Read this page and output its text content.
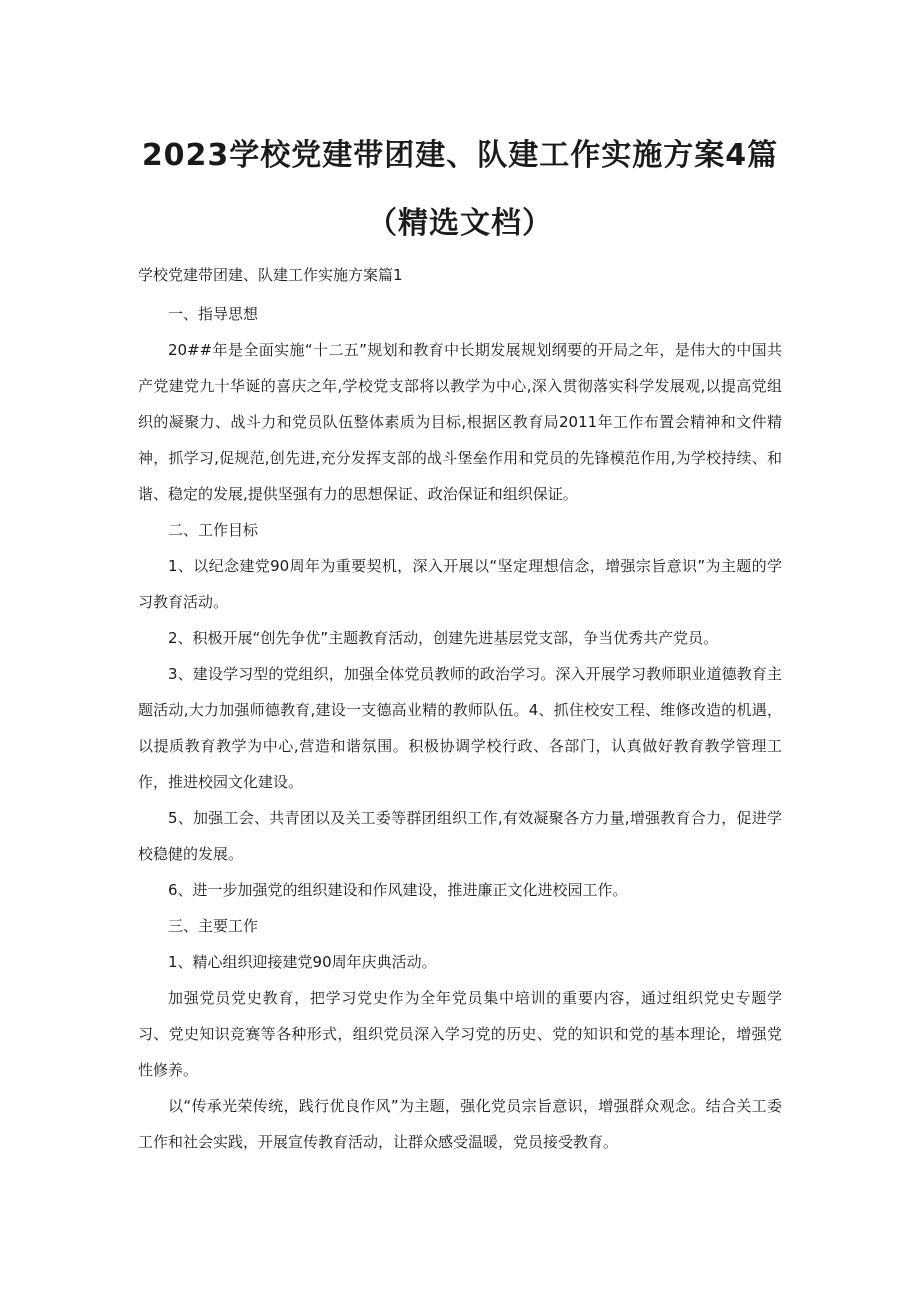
2023学校党建带团建、队建工作实施方案4篇
（精选文档）
学校党建带团建、队建工作实施方案篇1
一、指导思想

20##年是全面实施“十二五”规划和教育中长期发展规划纲要的开局之年，是伟大的中国共产党建党九十华诞的喜庆之年,学校党支部将以教学为中心,深入贯彻落实科学发展观,以提高党组织的凝聚力、战斗力和党员队伍整体素质为目标,根据区教育局2011年工作布置会精神和文件精神，抓学习,促规范,创先进,充分发挥支部的战斗堡垒作用和党员的先锋模范作用,为学校持续、和谐、稳定的发展,提供坚强有力的思想保证、政治保证和组织保证。

二、工作目标

1、以纪念建党90周年为重要契机，深入开展以“坚定理想信念，增强宗旨意识”为主题的学习教育活动。

2、积极开展“创先争优”主题教育活动，创建先进基层党支部，争当优秀共产党员。

3、建设学习型的党组织，加强全体党员教师的政治学习。深入开展学习教师职业道德教育主题活动,大力加强师德教育,建设一支德高业精的教师队伍。4、抓住校安工程、维修改造的机遇，以提质教育教学为中心,营造和谐氛围。积极协调学校行政、各部门，认真做好教育教学管理工作，推进校园文化建设。

5、加强工会、共青团以及关工委等群团组织工作,有效凝聚各方力量,增强教育合力，促进学校稳健的发展。

6、进一步加强党的组织建设和作风建设，推进廉正文化进校园工作。

三、主要工作

1、精心组织迎接建党90周年庆典活动。

加强党员党史教育，把学习党史作为全年党员集中培训的重要内容，通过组织党史专题学习、党史知识竞赛等各种形式，组织党员深入学习党的历史、党的知识和党的基本理论，增强党性修养。

以“传承光荣传统，践行优良作风”为主题，强化党员宗旨意识，增强群众观念。结合关工委工作和社会实践，开展宣传教育活动，让群众感受温暖，党员接受教育。
